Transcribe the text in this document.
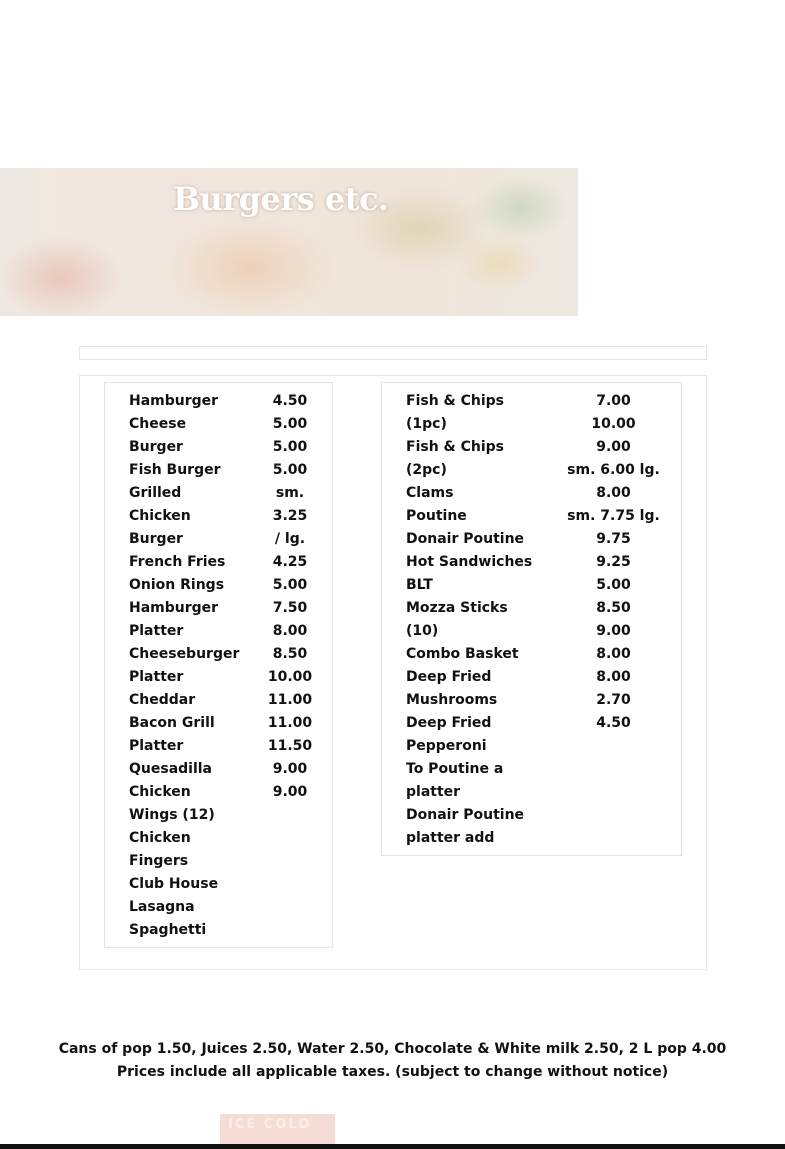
Burgers etc.
Hamburger
Cheese
Burger
Fish Burger
Grilled
Chicken
Burger
French Fries
Onion Rings
Hamburger
Platter
Cheeseburger
Platter
Cheddar
Bacon Grill
Platter
Quesadilla
Chicken
Wings (12)
Chicken
Fingers
Club House
Lasagna
Spaghetti
4.50
5.00
5.00
5.00
sm.
3.25
/ lg.
4.25
5.00
7.50
8.00
8.50
10.00
11.00
11.00
11.50
9.00
9.00
Fish & Chips
(1pc)
Fish & Chips
(2pc)
Clams
Poutine
Donair Poutine
Hot Sandwiches
BLT
Mozza Sticks
(10)
Combo Basket
Deep Fried
Mushrooms
Deep Fried
Pepperoni
To Poutine a
platter
Donair Poutine
platter add
7.00
10.00
9.00
sm. 6.00 lg.
8.00
sm. 7.75 lg.
9.75
9.25
5.00
8.50
9.00
8.00
8.00
2.70
4.50
Cans of pop 1.50, Juices 2.50, Water 2.50, Chocolate & White milk 2.50, 2 L pop 4.00
Prices include all applicable taxes. (subject to change without notice)
ICE COLD
